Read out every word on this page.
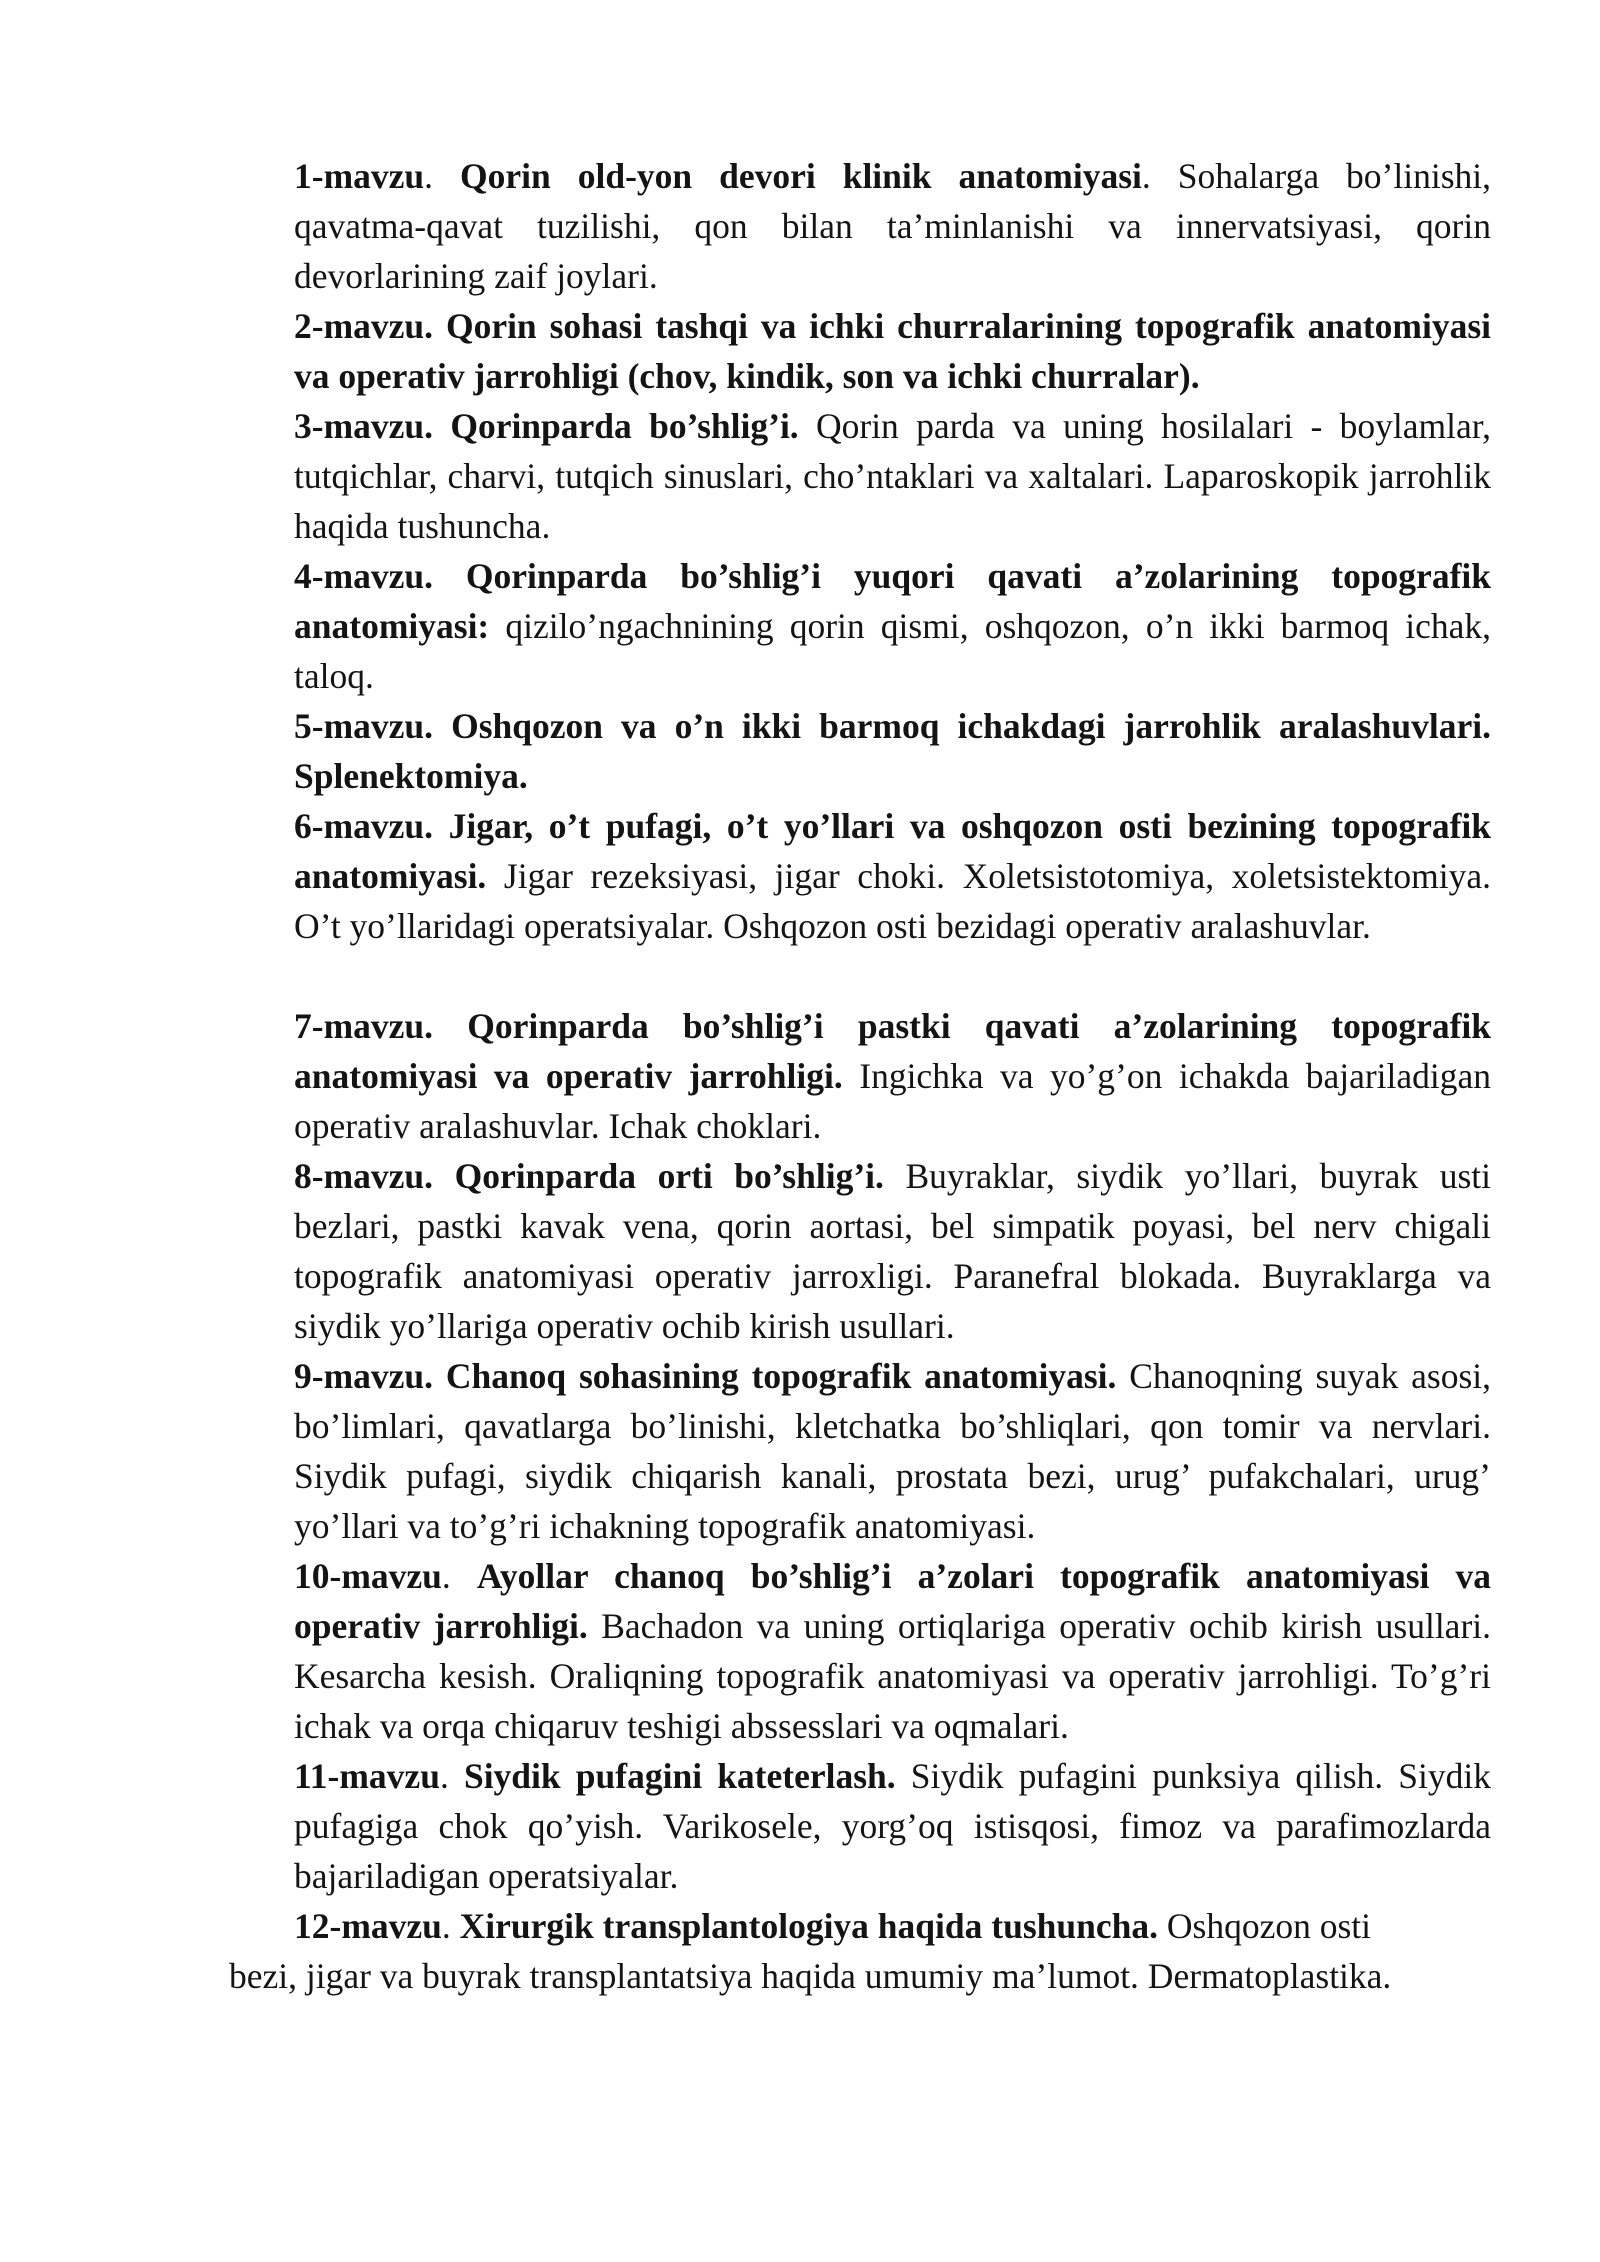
1-mavzu. Qorin old-yon devori klinik anatomiyasi. Sohalarga bo’linishi, qavatma-qavat tuzilishi, qon bilan ta’minlanishi va innervatsiyasi, qorin devorlarining zaif joylari.

2-mavzu. Qorin sohasi tashqi va ichki churralarining topografik anatomiyasi va operativ jarrohligi (chov, kindik, son va ichki churralar).

3-mavzu. Qorinparda bo’shlig’i. Qorin parda va uning hosilalari - boylamlar, tutqichlar, charvi, tutqich sinuslari, cho’ntaklari va xaltalari. Laparoskopik jarrohlik haqida tushuncha.

4-mavzu. Qorinparda bo’shlig’i yuqori qavati a’zolarining topografik anatomiyasi: qizilo’ngachnining qorin qismi, oshqozon, o’n ikki barmoq ichak, taloq.

5-mavzu. Oshqozon va o’n ikki barmoq ichakdagi jarrohlik aralashuvlari. Splenektomiya.

6-mavzu. Jigar, o’t pufagi, o’t yo’llari va oshqozon osti bezining topografik anatomiyasi. Jigar rezeksiyasi, jigar choki. Xoletsistotomiya, xoletsistektomiya. O’t yo’llaridagi operatsiyalar. Oshqozon osti bezidagi operativ aralashuvlar.

7-mavzu. Qorinparda bo’shlig’i pastki qavati a’zolarining topografik anatomiyasi va operativ jarrohligi. Ingichka va yo’g’on ichakda bajariladigan operativ aralashuvlar. Ichak choklari.

8-mavzu. Qorinparda orti bo’shlig’i. Buyraklar, siydik yo’llari, buyrak usti bezlari, pastki kavak vena, qorin aortasi, bel simpatik poyasi, bel nerv chigali topografik anatomiyasi operativ jarroxligi. Paranefral blokada. Buyraklarga va siydik yo’llariga operativ ochib kirish usullari.

9-mavzu. Chanoq sohasining topografik anatomiyasi. Chanoqning suyak asosi, bo’limlari, qavatlarga bo’linishi, kletchatka bo’shliqlari, qon tomir va nervlari. Siydik pufagi, siydik chiqarish kanali, prostata bezi, urug’ pufakchalari, urug’ yo’llari va to’g’ri ichakning topografik anatomiyasi.

10-mavzu. Ayollar chanoq bo’shlig’i a’zolari topografik anatomiyasi va operativ jarrohligi. Bachadon va uning ortiqlariga operativ ochib kirish usullari. Kesarcha kesish. Oraliqning topografik anatomiyasi va operativ jarrohligi. To’g’ri ichak va orqa chiqaruv teshigi abssesslari va oqmalari.

11-mavzu. Siydik pufagini kateterlash. Siydik pufagini punksiya qilish. Siydik pufagiga chok qo’yish. Varikosele, yorg’oq istisqosi, fimoz va parafimozlarda bajariladigan operatsiyalar.

12-mavzu. Xirurgik transplantologiya haqida tushuncha. Oshqozon osti

bezi, jigar va buyrak transplantatsiya haqida umumiy ma’lumot. Dermatoplastika.
